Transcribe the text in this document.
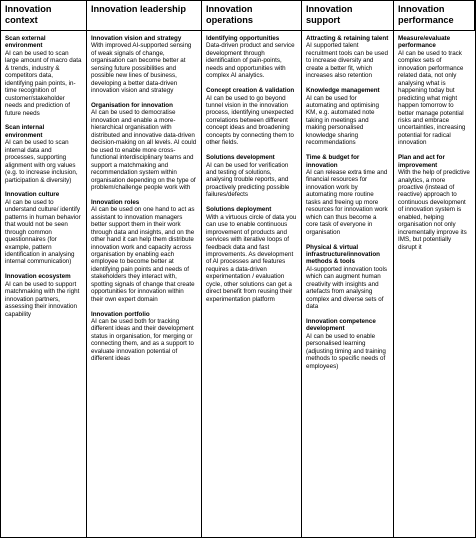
Innovation context
Innovation leadership	Innovation operations
Innovation support
Innovation performance
Scan external environment
AI can be used to scan large amount of macro data & trends, industry & competitors data, identifying pain points, in-time recognition of customer/stakeholder needs and prediction of future needs
Scan internal environment
AI can be used to scan internal data and processes, supporting alignment with org values (e.g. to increase inclusion, participation & diversity)
Innovation culture
AI can be used to understand culture/ identify patterns in human behavior that would not be seen through common questionnaires (for example, pattern identification in analysing internal communication)
Innovation ecosystem
AI can be used to support matchmaking with the right innovation partners, assessing their innovation capability
Innovation vision and strategy
With improved AI-supported sensing of weak signals of change, organisation can become better at sensing future possibilities and possible new lines of business, developing a better data-driven innovation vision and strategy
Organisation for innovation
AI can be used to democratise innovation and enable a more-hierarchical organisation with distributed and innovative data-driven decision-making on all levels. AI could be used to enable more cross-functional interdisciplinary teams and support a matchmaking and recommendation system within organisation depending on the type of problem/challenge people work with
Innovation roles
AI can be used on one hand to act as assistant to innovation managers better support them in their work through data and insights, and on the other hand it can help them distribute innovation work and capacity across organisation by enabling each employee to become better at identifying pain points and needs of stakeholders they interact with, spotting signals of change that create opportunities for innovation within their own expert domain
Innovation portfolio
AI can be used both for tracking different ideas and their development status in organisation, for merging or connecting them, and as a support to evaluate innovation potential of different ideas
Identifying opportunities
Data-driven product and service development through identification of pain-points, needs and opportunities with complex AI analytics.
Concept creation & validation
AI can be used to go beyond tunnel vision in the innovation process, identifying unexpected correlations between different concept ideas and broadening concepts by connecting them to other fields.
Solutions development
AI can be used for verification and testing of solutions, analysing trouble reports, and proactively predicting possible failures/defects
Solutions deployment
With a virtuous circle of data you can use to enable continuous improvement of products and services with iterative loops of feedback data and fast improvements. As development of AI processes and features requires a data-driven experimentation / evaluation cycle, other solutions can get a direct benefit from reusing their experimentation platform
Attracting & retaining talent
AI supported talent recruitment tools can be used to increase diversity and create a better fit, which increases also retention
Knowledge management
AI can be used for automating and optimising KM, e.g. automated note taking in meetings and making personalised knowledge sharing recommendations
Time & budget for innovation
AI can release extra time and financial resources for innovation work by automating more routine tasks and freeing up more resources for innovation work which can thus become a core task of everyone in organisation
Physical & virtual infrastructure/innovation methods & tools
AI-supported innovation tools which can augment human creativity with insights and artefacts from analysing complex and diverse sets of data
Innovation competence development
AI can be used to enable personalised learning (adjusting timing and training methods to specific needs of employees)
Measure/evaluate performance
AI can be used to track complex sets of innovation performance related data, not only analysing what is happening today but predicting what might happen tomorrow to better manage potential risks and embrace uncertainties, increasing potential for radical innovation
Plan and act for improvement
With the help of predictive analytics, a more proactive (instead of reactive) approach to continuous development of innovation system is enabled, helping organisation not only incrementally improve its IMS, but potentially disrupt it
